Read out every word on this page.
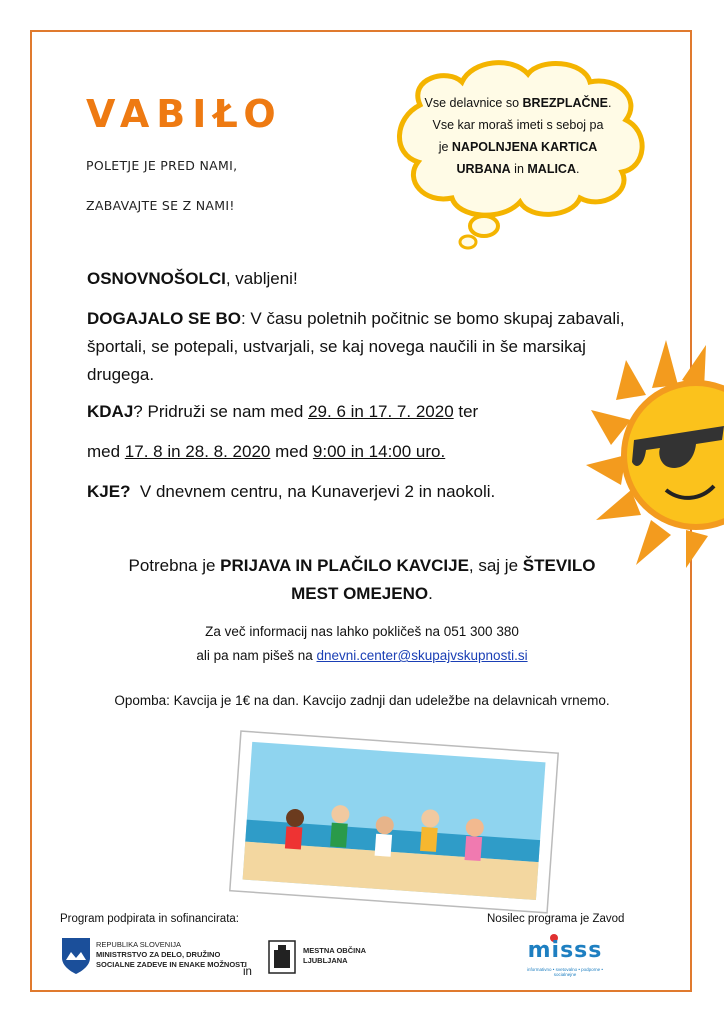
VABIŁO
POLETJE JE PRED NAMI,
ZABAVAJTE SE Z NAMI!
Vse delavnice so BREZPLAČNE.
Vse kar moraš imeti s seboj pa
je NAPOLNJENA KARTICA
URBANA in MALICA.
OSNOVNOŠOLCI, vabljeni!
DOGAJALO SE BO: V času poletnih počitnic se bomo skupaj zabavali, športali, se potepali, ustvarjali, se kaj novega naučili in še marsikaj drugega.
KDAJ? Pridruži se nam med 29. 6 in 17. 7. 2020 ter
med 17. 8 in 28. 8. 2020 med 9:00 in 14:00 uro.
KJE?  V dnevnem centru, na Kunaverjevi 2 in naokoli.
Potrebna je PRIJAVA IN PLAČILO KAVCIJE, saj je ŠTEVILO
MEST OMEJENO.
Za več informacij nas lahko pokličeš na 051 300 380
ali pa nam pišeš na dnevni.center@skupajvskupnosti.si
Opomba: Kavcija je 1€ na dan. Kavcijo zadnji dan udeležbe na delavnicah vrnemo.
Program podpirata in sofinancirata:	Nosilec programa je Zavod
REPUBLIKA SLOVENIJA
MINISTRSTVO ZA DELO, DRUŽINO
SOCIALNE ZADEVE IN ENAKE MOŽNOSTI
in
MESTNA OBČINA
LJUBLJANA	misss
informativno • svetovalno • podporne • socialnejne
